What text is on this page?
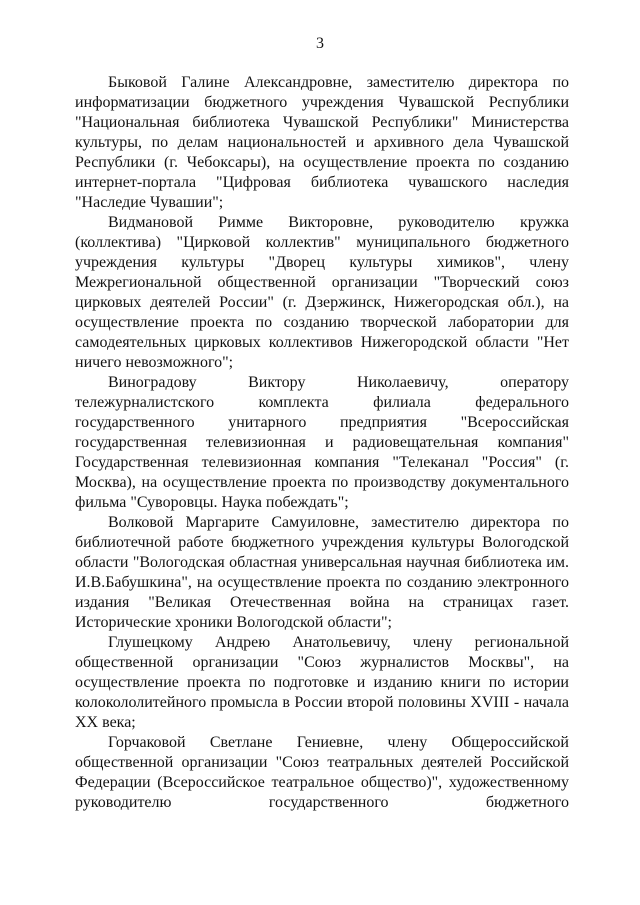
3

Быковой Галине Александровне, заместителю директора по информатизации бюджетного учреждения Чувашской Республики "Национальная библиотека Чувашской Республики" Министерства культуры, по делам национальностей и архивного дела Чувашской Республики (г. Чебоксары), на осуществление проекта по созданию интернет-портала "Цифровая библиотека чувашского наследия "Наследие Чувашии";

Видмановой Римме Викторовне, руководителю кружка (коллектива) "Цирковой коллектив" муниципального бюджетного учреждения культуры "Дворец культуры химиков", члену Межрегиональной общественной организации "Творческий союз цирковых деятелей России" (г. Дзержинск, Нижегородская обл.), на осуществление проекта по созданию творческой лаборатории для самодеятельных цирковых коллективов Нижегородской области "Нет ничего невозможного";

Виноградову Виктору Николаевичу, оператору тележурналистского комплекта филиала федерального государственного унитарного предприятия "Всероссийская государственная телевизионная и радиовещательная компания" Государственная телевизионная компания "Телеканал "Россия" (г. Москва), на осуществление проекта по производству документального фильма "Суворовцы. Наука побеждать";

Волковой Маргарите Самуиловне, заместителю директора по библиотечной работе бюджетного учреждения культуры Вологодской области "Вологодская областная универсальная научная библиотека им. И.В.Бабушкина", на осуществление проекта по созданию электронного издания "Великая Отечественная война на страницах газет. Исторические хроники Вологодской области";

Глушецкому Андрею Анатольевичу, члену региональной общественной организации "Союз журналистов Москвы", на осуществление проекта по подготовке и изданию книги по истории колокололитейного промысла в России второй половины XVIII - начала XX века;

Горчаковой Светлане Гениевне, члену Общероссийской общественной организации "Союз театральных деятелей Российской Федерации (Всероссийское театральное общество)", художественному руководителю государственного бюджетного
